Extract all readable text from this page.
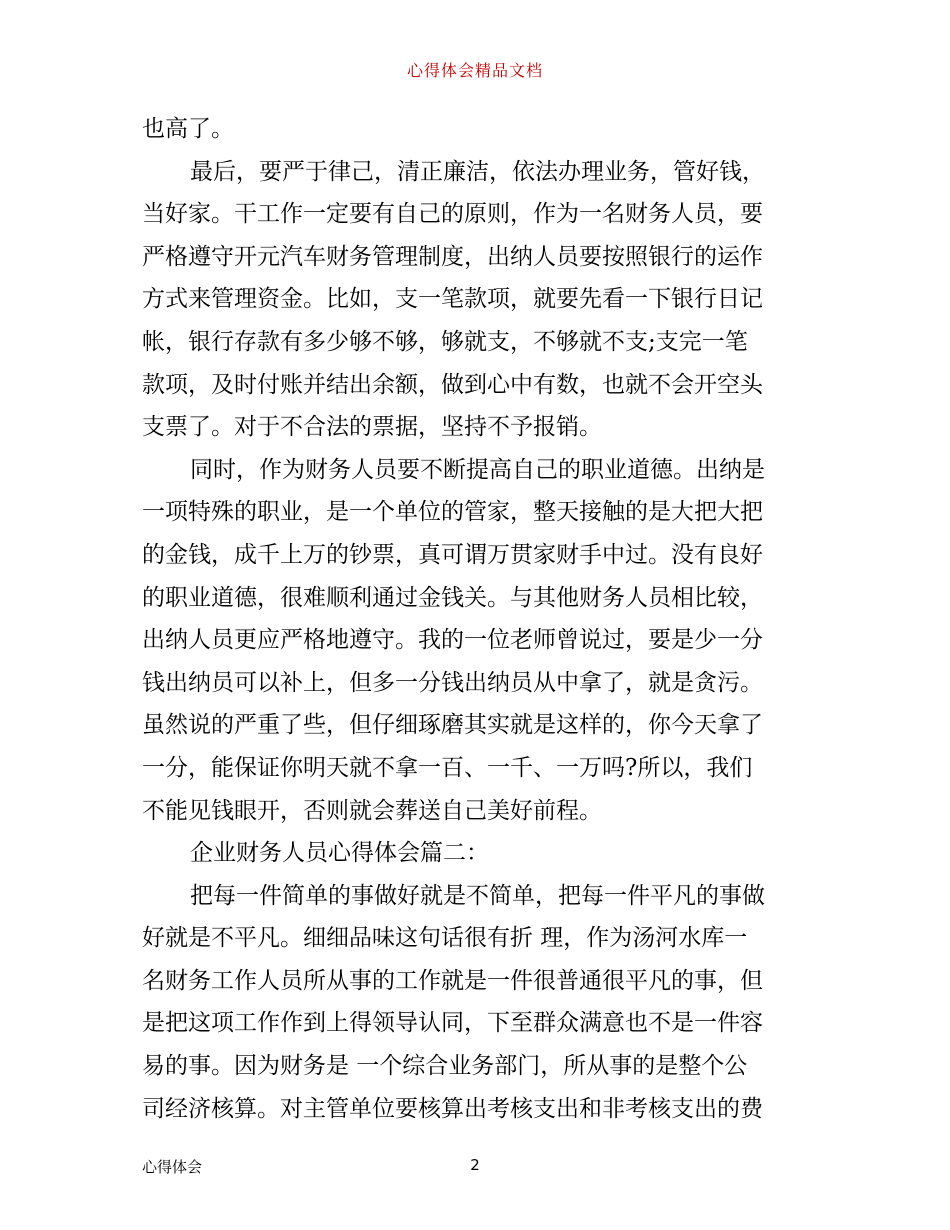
心得体会精品文档
也高了。
最后，要严于律己，清正廉洁，依法办理业务，管好钱，
当好家。干工作一定要有自己的原则，作为一名财务人员，要
严格遵守开元汽车财务管理制度，出纳人员要按照银行的运作
方式来管理资金。比如，支一笔款项，就要先看一下银行日记
帐，银行存款有多少够不够，够就支，不够就不支;支完一笔
款项，及时付账并结出余额，做到心中有数，也就不会开空头
支票了。对于不合法的票据，坚持不予报销。
同时，作为财务人员要不断提高自己的职业道德。出纳是
一项特殊的职业，是一个单位的管家，整天接触的是大把大把
的金钱，成千上万的钞票，真可谓万贯家财手中过。没有良好
的职业道德，很难顺利通过金钱关。与其他财务人员相比较，
出纳人员更应严格地遵守。我的一位老师曾说过，要是少一分
钱出纳员可以补上，但多一分钱出纳员从中拿了，就是贪污。
虽然说的严重了些，但仔细琢磨其实就是这样的，你今天拿了
一分，能保证你明天就不拿一百、一千、一万吗?所以，我们
不能见钱眼开，否则就会葬送自己美好前程。
企业财务人员心得体会篇二：
把每一件简单的事做好就是不简单，把每一件平凡的事做
好就是不平凡。细细品味这句话很有折 理，作为汤河水库一
名财务工作人员所从事的工作就是一件很普通很平凡的事，但
是把这项工作作到上得领导认同，下至群众满意也不是一件容
易的事。因为财务是 一个综合业务部门，所从事的是整个公
司经济核算。对主管单位要核算出考核支出和非考核支出的费
心得体会	2
